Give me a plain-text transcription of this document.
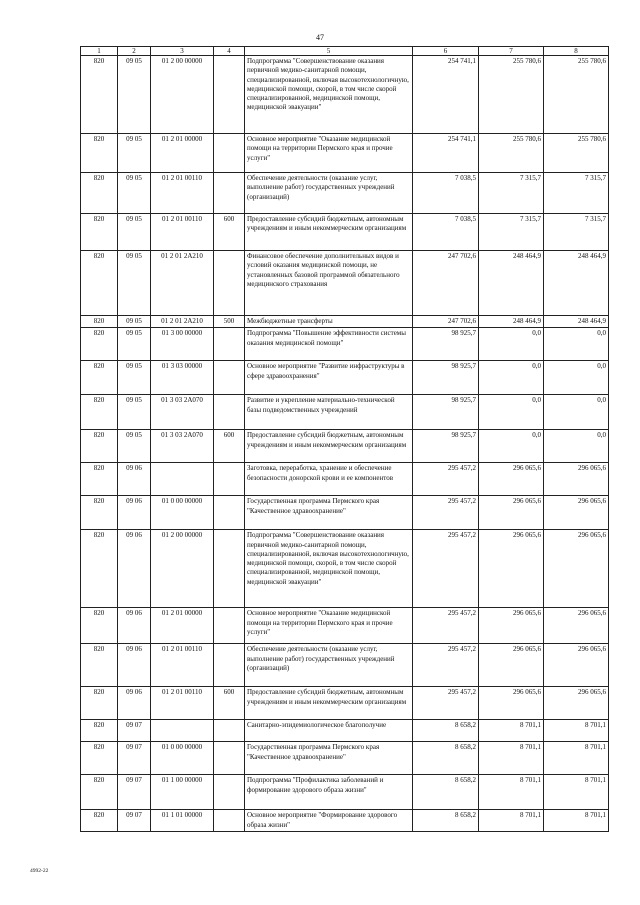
47
1	2	3	4	5	6	7	8
820	09 05	01 2 00 00000		Подпрограмма "Совершенствование оказания первичной медико-санитарной помощи, специализированной, включая высокотехнологичную, медицинской помощи, скорой, в том числе скорой специализированной, медицинской помощи, медицинской эвакуации"	254 741,1	255 780,6	255 780,6
820	09 05	01 2 01 00000		Основное мероприятие "Оказание медицинской помощи на территории Пермского края и прочие услуги"	254 741,1	255 780,6	255 780,6
820	09 05	01 2 01 00110		Обеспечение деятельности (оказание услуг, выполнение работ) государственных учреждений (организаций)	7 038,5	7 315,7	7 315,7
820	09 05	01 2 01 00110	600	Предоставление субсидий бюджетным, автономным учреждениям и иным некоммерческим организациям	7 038,5	7 315,7	7 315,7
820	09 05	01 2 01 2А210		Финансовое обеспечение дополнительных видов и условий оказания медицинской помощи, не установленных базовой программой обязательного медицинского страхования	247 702,6	248 464,9	248 464,9
820	09 05	01 2 01 2А210	500	Межбюджетные трансферты	247 702,6	248 464,9	248 464,9
820	09 05	01 3 00 00000		Подпрограмма "Повышение эффективности системы оказания медицинской помощи"	98 925,7	0,0	0,0
820	09 05	01 3 03 00000		Основное мероприятие "Развитие инфраструктуры в сфере здравоохранения"	98 925,7	0,0	0,0
820	09 05	01 3 03 2А070		Развитие и укрепление материально-технической базы подведомственных учреждений	98 925,7	0,0	0,0
820	09 05	01 3 03 2А070	600	Предоставление субсидий бюджетным, автономным учреждениям и иным некоммерческим организациям	98 925,7	0,0	0,0
820	09 06			Заготовка, переработка, хранение и обеспечение безопасности донорской крови и ее компонентов	295 457,2	296 065,6	296 065,6
820	09 06	01 0 00 00000		Государственная программа Пермского края "Качественное здравоохранение"	295 457,2	296 065,6	296 065,6
820	09 06	01 2 00 00000		Подпрограмма "Совершенствование оказания первичной медико-санитарной помощи, специализированной, включая высокотехнологичную, медицинской помощи, скорой, в том числе скорой специализированной, медицинской помощи, медицинской эвакуации"	295 457,2	296 065,6	296 065,6
820	09 06	01 2 01 00000		Основное мероприятие "Оказание медицинской помощи на территории Пермского края и прочие услуги"	295 457,2	296 065,6	296 065,6
820	09 06	01 2 01 00110		Обеспечение деятельности (оказание услуг, выполнение работ) государственных учреждений (организаций)	295 457,2	296 065,6	296 065,6
820	09 06	01 2 01 00110	600	Предоставление субсидий бюджетным, автономным учреждениям и иным некоммерческим организациям	295 457,2	296 065,6	296 065,6
820	09 07			Санитарно-эпидемиологическое благополучие	8 658,2	8 701,1	8 701,1
820	09 07	01 0 00 00000		Государственная программа Пермского края "Качественное здравоохранение"	8 658,2	8 701,1	8 701,1
820	09 07	01 1 00 00000		Подпрограмма "Профилактика заболеваний и формирование здорового образа жизни"	8 658,2	8 701,1	8 701,1
820	09 07	01 1 01 00000		Основное мероприятие "Формирование здорового образа жизни"	8 658,2	8 701,1	8 701,1
4992-22
